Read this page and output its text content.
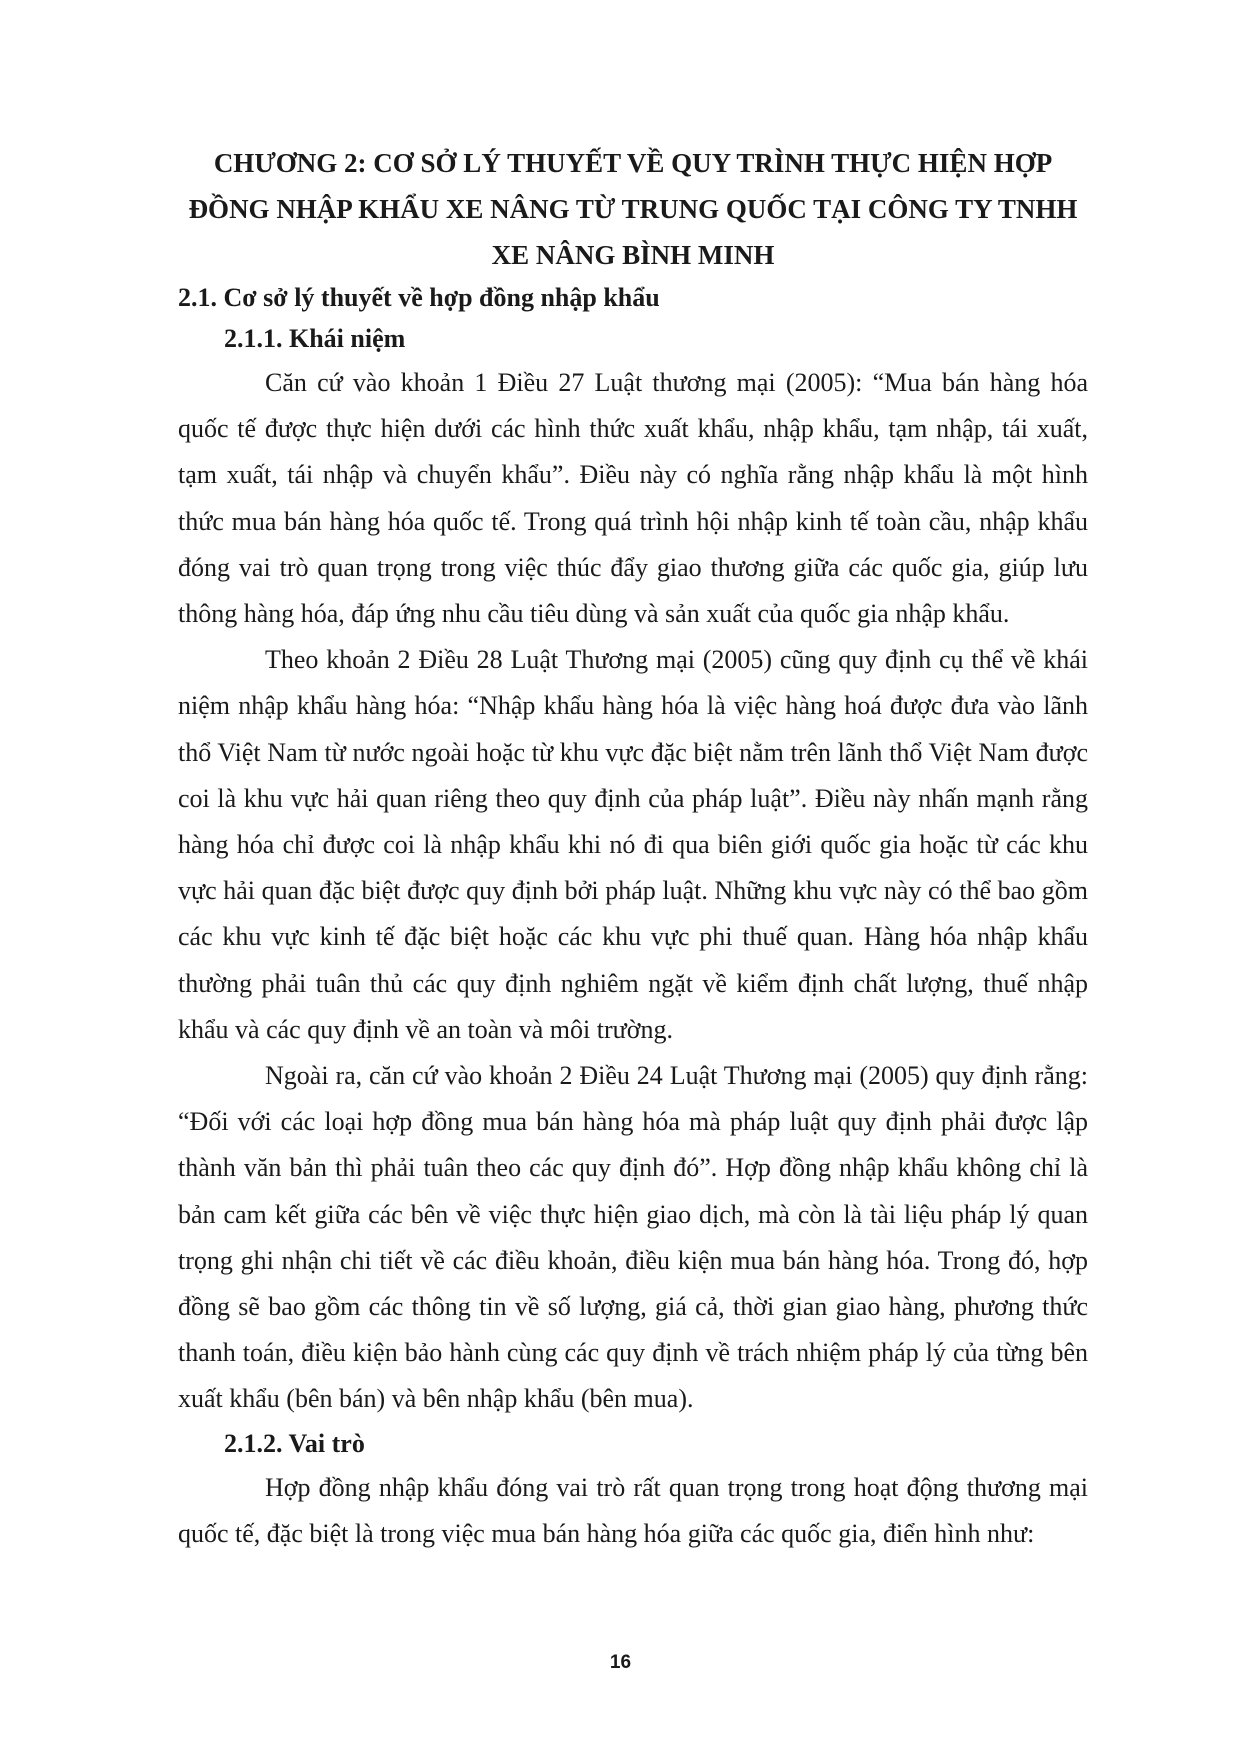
CHƯƠNG 2: CƠ SỞ LÝ THUYẾT VỀ QUY TRÌNH THỰC HIỆN HỢP ĐỒNG NHẬP KHẨU XE NÂNG TỪ TRUNG QUỐC TẠI CÔNG TY TNHH XE NÂNG BÌNH MINH
2.1. Cơ sở lý thuyết về hợp đồng nhập khẩu
2.1.1. Khái niệm

Căn cứ vào khoản 1 Điều 27 Luật thương mại (2005): “Mua bán hàng hóa quốc tế được thực hiện dưới các hình thức xuất khẩu, nhập khẩu, tạm nhập, tái xuất, tạm xuất, tái nhập và chuyển khẩu”. Điều này có nghĩa rằng nhập khẩu là một hình thức mua bán hàng hóa quốc tế. Trong quá trình hội nhập kinh tế toàn cầu, nhập khẩu đóng vai trò quan trọng trong việc thúc đẩy giao thương giữa các quốc gia, giúp lưu thông hàng hóa, đáp ứng nhu cầu tiêu dùng và sản xuất của quốc gia nhập khẩu.

Theo khoản 2 Điều 28 Luật Thương mại (2005) cũng quy định cụ thể về khái niệm nhập khẩu hàng hóa: “Nhập khẩu hàng hóa là việc hàng hoá được đưa vào lãnh thổ Việt Nam từ nước ngoài hoặc từ khu vực đặc biệt nằm trên lãnh thổ Việt Nam được coi là khu vực hải quan riêng theo quy định của pháp luật”. Điều này nhấn mạnh rằng hàng hóa chỉ được coi là nhập khẩu khi nó đi qua biên giới quốc gia hoặc từ các khu vực hải quan đặc biệt được quy định bởi pháp luật. Những khu vực này có thể bao gồm các khu vực kinh tế đặc biệt hoặc các khu vực phi thuế quan. Hàng hóa nhập khẩu thường phải tuân thủ các quy định nghiêm ngặt về kiểm định chất lượng, thuế nhập khẩu và các quy định về an toàn và môi trường.

Ngoài ra, căn cứ vào khoản 2 Điều 24 Luật Thương mại (2005) quy định rằng: “Đối với các loại hợp đồng mua bán hàng hóa mà pháp luật quy định phải được lập thành văn bản thì phải tuân theo các quy định đó”. Hợp đồng nhập khẩu không chỉ là bản cam kết giữa các bên về việc thực hiện giao dịch, mà còn là tài liệu pháp lý quan trọng ghi nhận chi tiết về các điều khoản, điều kiện mua bán hàng hóa. Trong đó, hợp đồng sẽ bao gồm các thông tin về số lượng, giá cả, thời gian giao hàng, phương thức thanh toán, điều kiện bảo hành cùng các quy định về trách nhiệm pháp lý của từng bên xuất khẩu (bên bán) và bên nhập khẩu (bên mua).

2.1.2. Vai trò

Hợp đồng nhập khẩu đóng vai trò rất quan trọng trong hoạt động thương mại quốc tế, đặc biệt là trong việc mua bán hàng hóa giữa các quốc gia, điển hình như:

16
